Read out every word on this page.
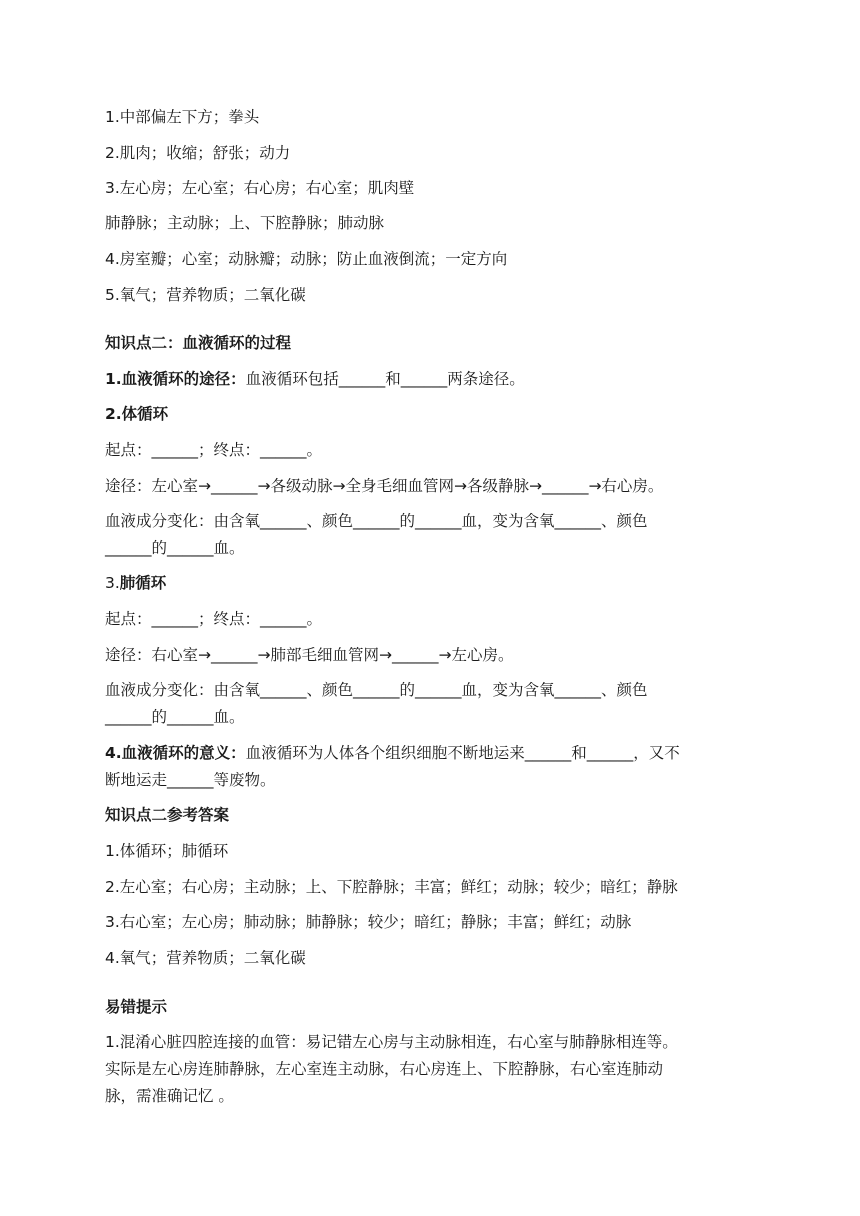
1.中部偏左下方；拳头
2.肌肉；收缩；舒张；动力
3.左心房；左心室；右心房；右心室；肌肉壁
肺静脉；主动脉；上、下腔静脉；肺动脉
4.房室瓣；心室；动脉瓣；动脉；防止血液倒流；一定方向
5.氧气；营养物质；二氧化碳
知识点二：血液循环的过程
1.血液循环的途径：血液循环包括______和______两条途径。
2.体循环
起点：______；终点：______。
途径：左心室→______→各级动脉→全身毛细血管网→各级静脉→______→右心房。
血液成分变化：由含氧______、颜色______的______血，变为含氧______、颜色
______的______血。
3.肺循环
起点：______；终点：______。
途径：右心室→______→肺部毛细血管网→______→左心房。
血液成分变化：由含氧______、颜色______的______血，变为含氧______、颜色
______的______血。
4.血液循环的意义：血液循环为人体各个组织细胞不断地运来______和______，又不
断地运走______等废物。
知识点二参考答案
1.体循环；肺循环
2.左心室；右心房；主动脉；上、下腔静脉；丰富；鲜红；动脉；较少；暗红；静脉
3.右心室；左心房；肺动脉；肺静脉；较少；暗红；静脉；丰富；鲜红；动脉
4.氧气；营养物质；二氧化碳
易错提示
1.混淆心脏四腔连接的血管：易记错左心房与主动脉相连，右心室与肺静脉相连等。
实际是左心房连肺静脉，左心室连主动脉，右心房连上、下腔静脉，右心室连肺动
脉，需准确记忆 。
